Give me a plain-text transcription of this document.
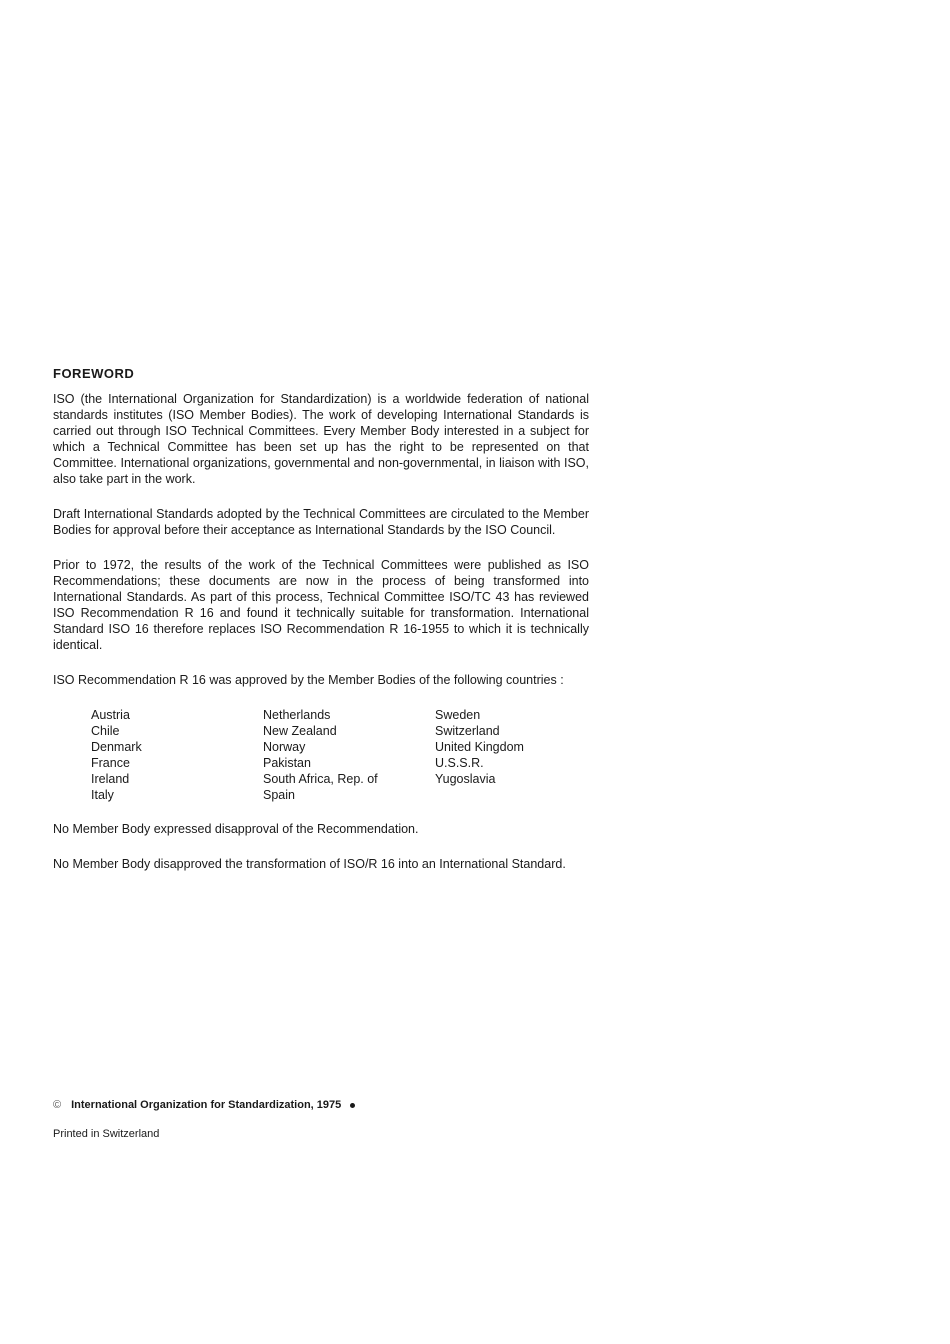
FOREWORD

ISO (the International Organization for Standardization) is a worldwide federation of national standards institutes (ISO Member Bodies). The work of developing International Standards is carried out through ISO Technical Committees. Every Member Body interested in a subject for which a Technical Committee has been set up has the right to be represented on that Committee. International organizations, governmental and non-governmental, in liaison with ISO, also take part in the work.

Draft International Standards adopted by the Technical Committees are circulated to the Member Bodies for approval before their acceptance as International Standards by the ISO Council.

Prior to 1972, the results of the work of the Technical Committees were published as ISO Recommendations; these documents are now in the process of being transformed into International Standards. As part of this process, Technical Committee ISO/TC 43 has reviewed ISO Recommendation R 16 and found it technically suitable for transformation. International Standard ISO 16 therefore replaces ISO Recommendation R 16-1955 to which it is technically identical.

ISO Recommendation R 16 was approved by the Member Bodies of the following countries :

Austria
Chile
Denmark
France
Ireland
Italy
Netherlands
New Zealand
Norway
Pakistan
South Africa, Rep. of
Spain
Sweden
Switzerland
United Kingdom
U.S.S.R.
Yugoslavia

No Member Body expressed disapproval of the Recommendation.

No Member Body disapproved the transformation of ISO/R 16 into an International Standard.

© International Organization for Standardization, 1975
Printed in Switzerland
